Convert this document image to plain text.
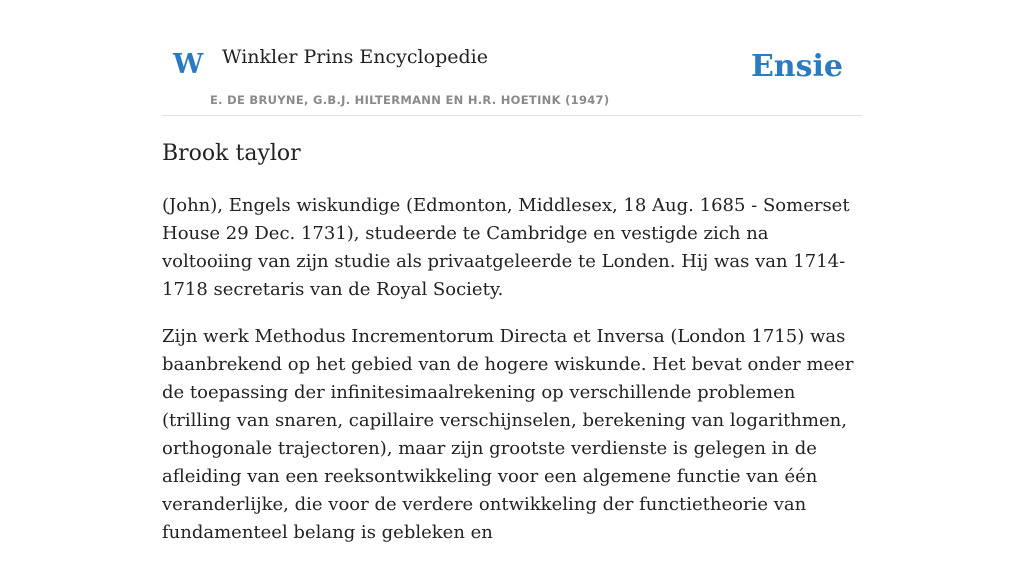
W Winkler Prins Encyclopedie
E. DE BRUYNE, G.B.J. HILTERMANN EN H.R. HOETINK (1947)
Ensie
Brook taylor

(John), Engels wiskundige (Edmonton, Middlesex, 18 Aug. 1685 - Somerset House 29 Dec. 1731), studeerde te Cambridge en vestigde zich na voltooiing van zijn studie als privaatgeleerde te Londen. Hij was van 1714-1718 secretaris van de Royal Society.

Zijn werk Methodus Incrementorum Directa et Inversa (London 1715) was baanbrekend op het gebied van de hogere wiskunde. Het bevat onder meer de toepassing der infinitesimaalrekening op verschillende problemen (trilling van snaren, capillaire verschijnselen, berekening van logarithmen, orthogonale trajectoren), maar zijn grootste verdienste is gelegen in de afleiding van een reeksontwikkeling voor een algemene functie van één veranderlijke, die voor de verdere ontwikkeling der functietheorie van fundamenteel belang is gebleken en
